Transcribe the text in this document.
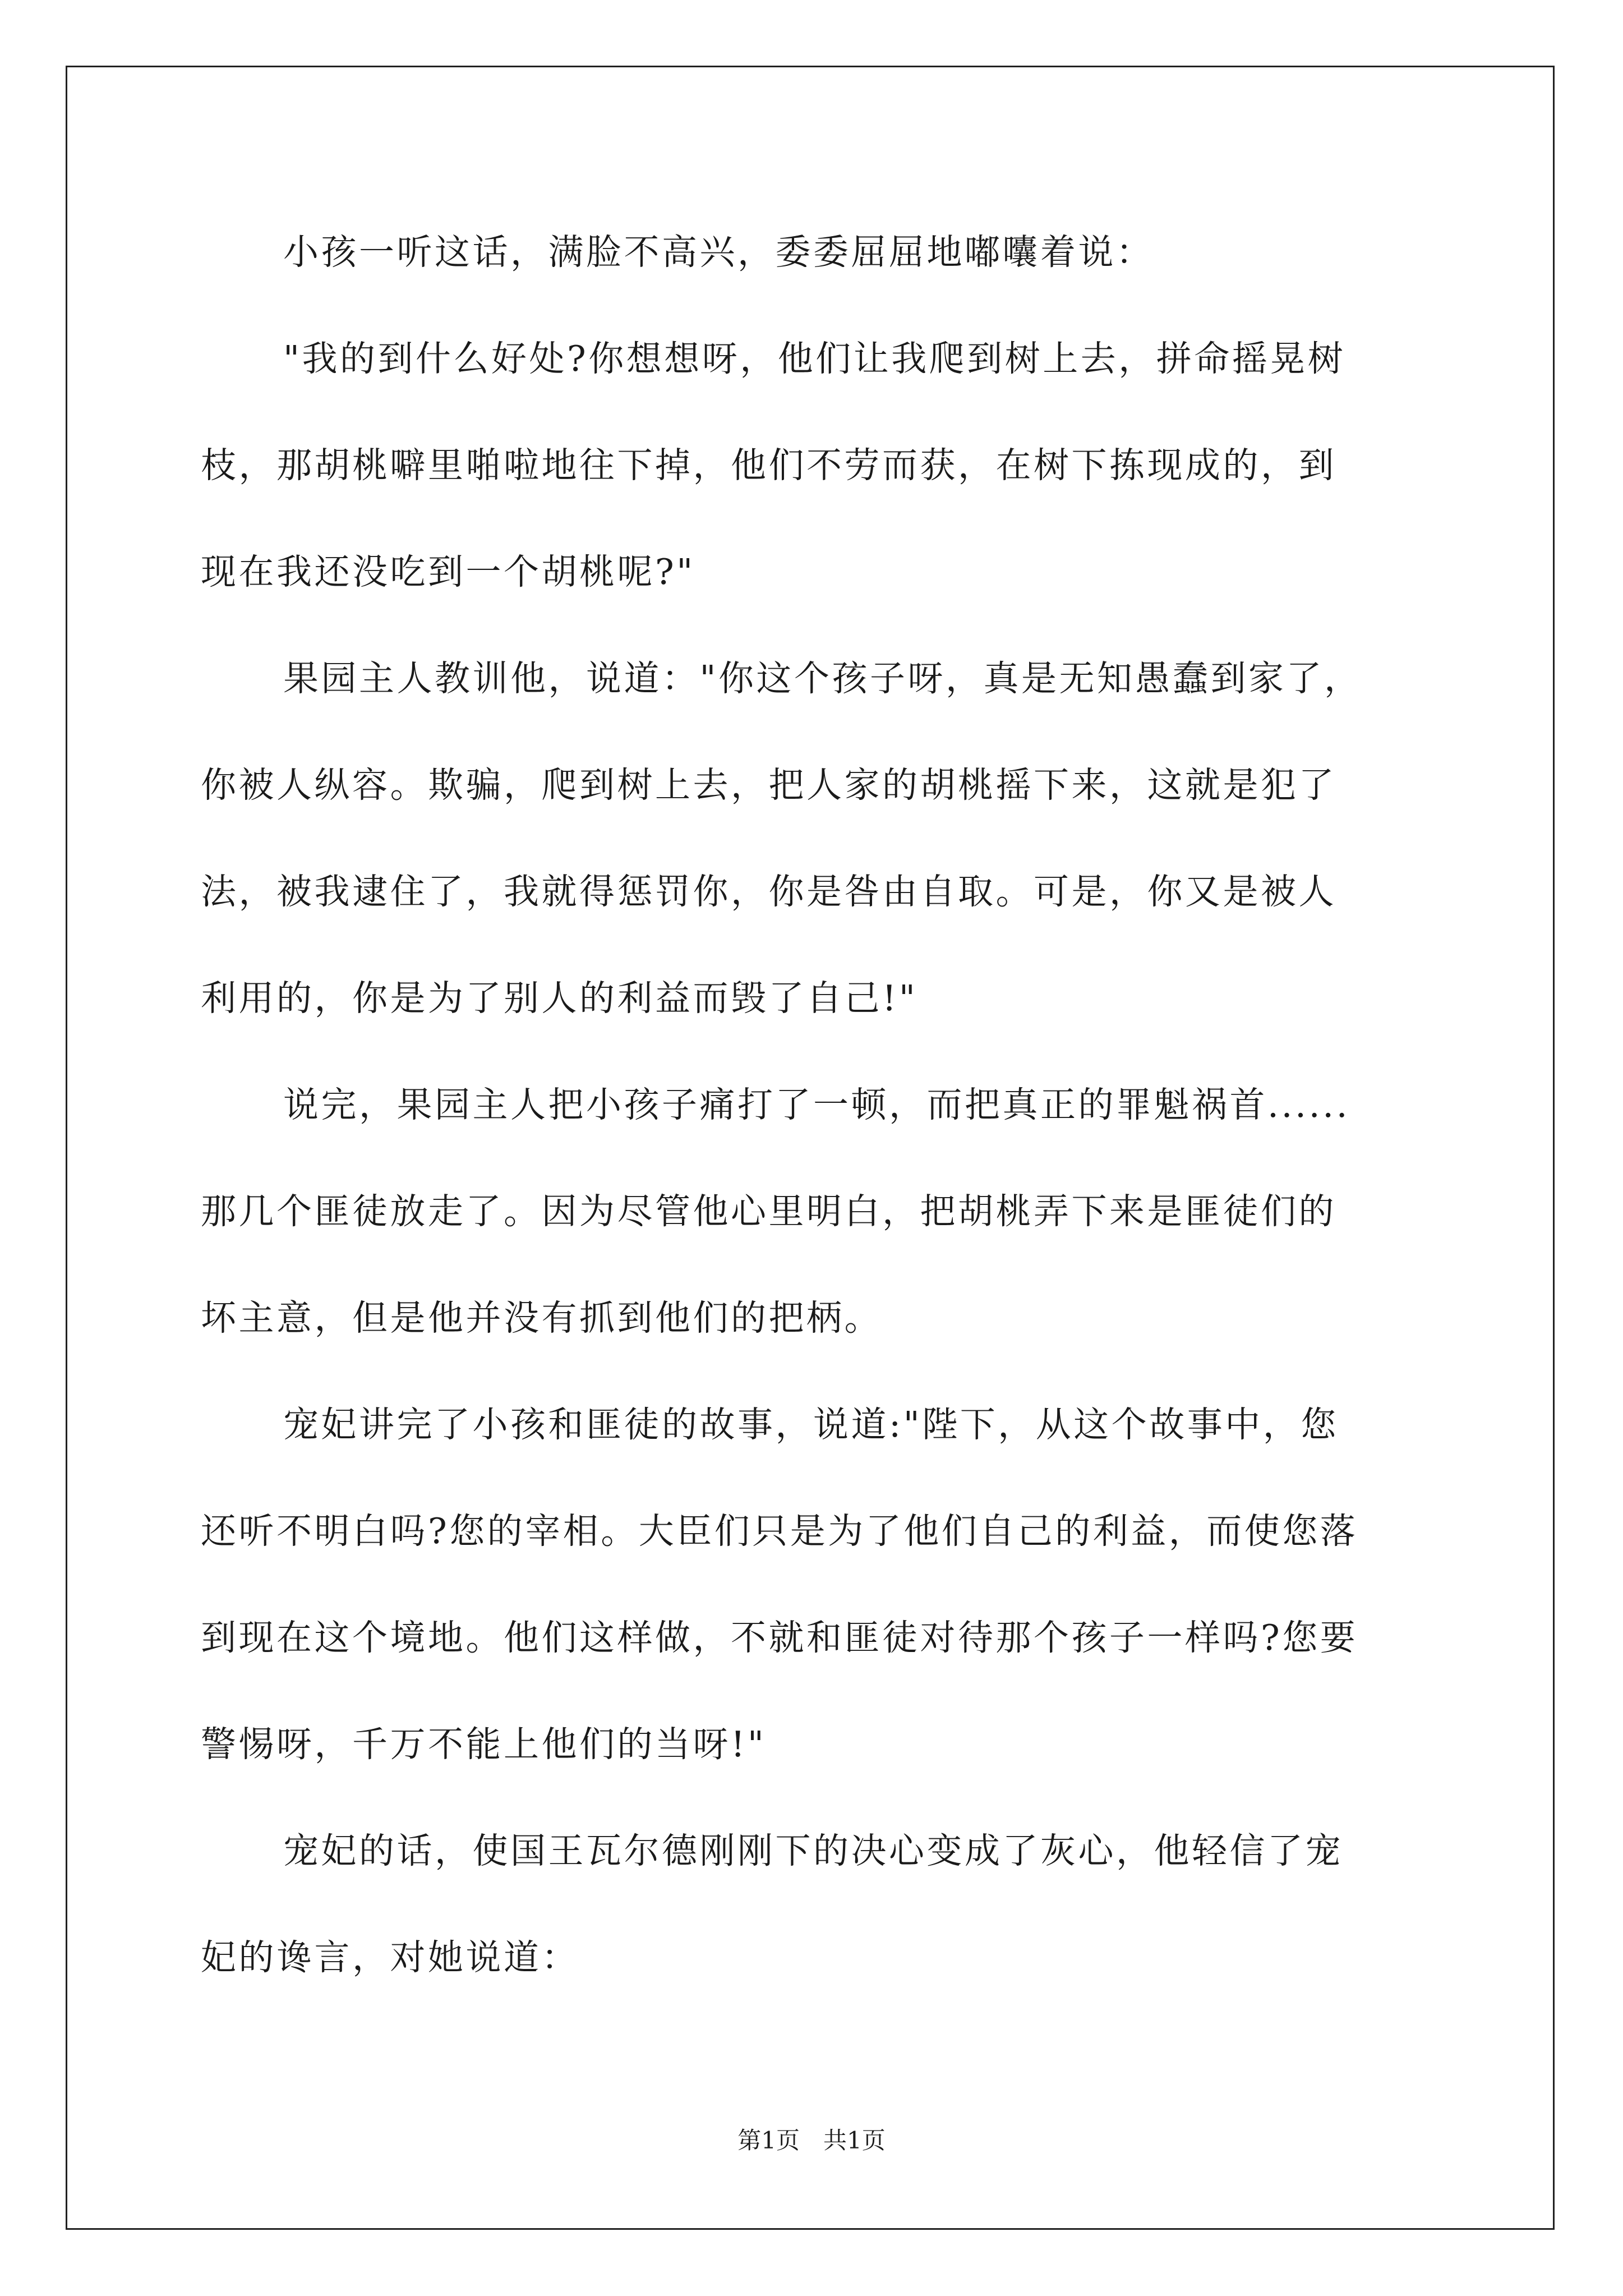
小孩一听这话，满脸不高兴，委委屈屈地嘟囔着说：
"我的到什么好处?你想想呀，他们让我爬到树上去，拼命摇晃树
枝，那胡桃噼里啪啦地往下掉，他们不劳而获，在树下拣现成的，到
现在我还没吃到一个胡桃呢?"
果园主人教训他，说道："你这个孩子呀，真是无知愚蠢到家了，
你被人纵容。欺骗，爬到树上去，把人家的胡桃摇下来，这就是犯了
法，被我逮住了，我就得惩罚你，你是咎由自取。可是，你又是被人
利用的，你是为了别人的利益而毁了自己!"
说完，果园主人把小孩子痛打了一顿，而把真正的罪魁祸首......
那几个匪徒放走了。因为尽管他心里明白，把胡桃弄下来是匪徒们的
坏主意，但是他并没有抓到他们的把柄。
宠妃讲完了小孩和匪徒的故事，说道:"陛下，从这个故事中，您
还听不明白吗?您的宰相。大臣们只是为了他们自己的利益，而使您落
到现在这个境地。他们这样做，不就和匪徒对待那个孩子一样吗?您要
警惕呀，千万不能上他们的当呀!"
宠妃的话，使国王瓦尔德刚刚下的决心变成了灰心，他轻信了宠
妃的谗言，对她说道：
第1页　共1页
